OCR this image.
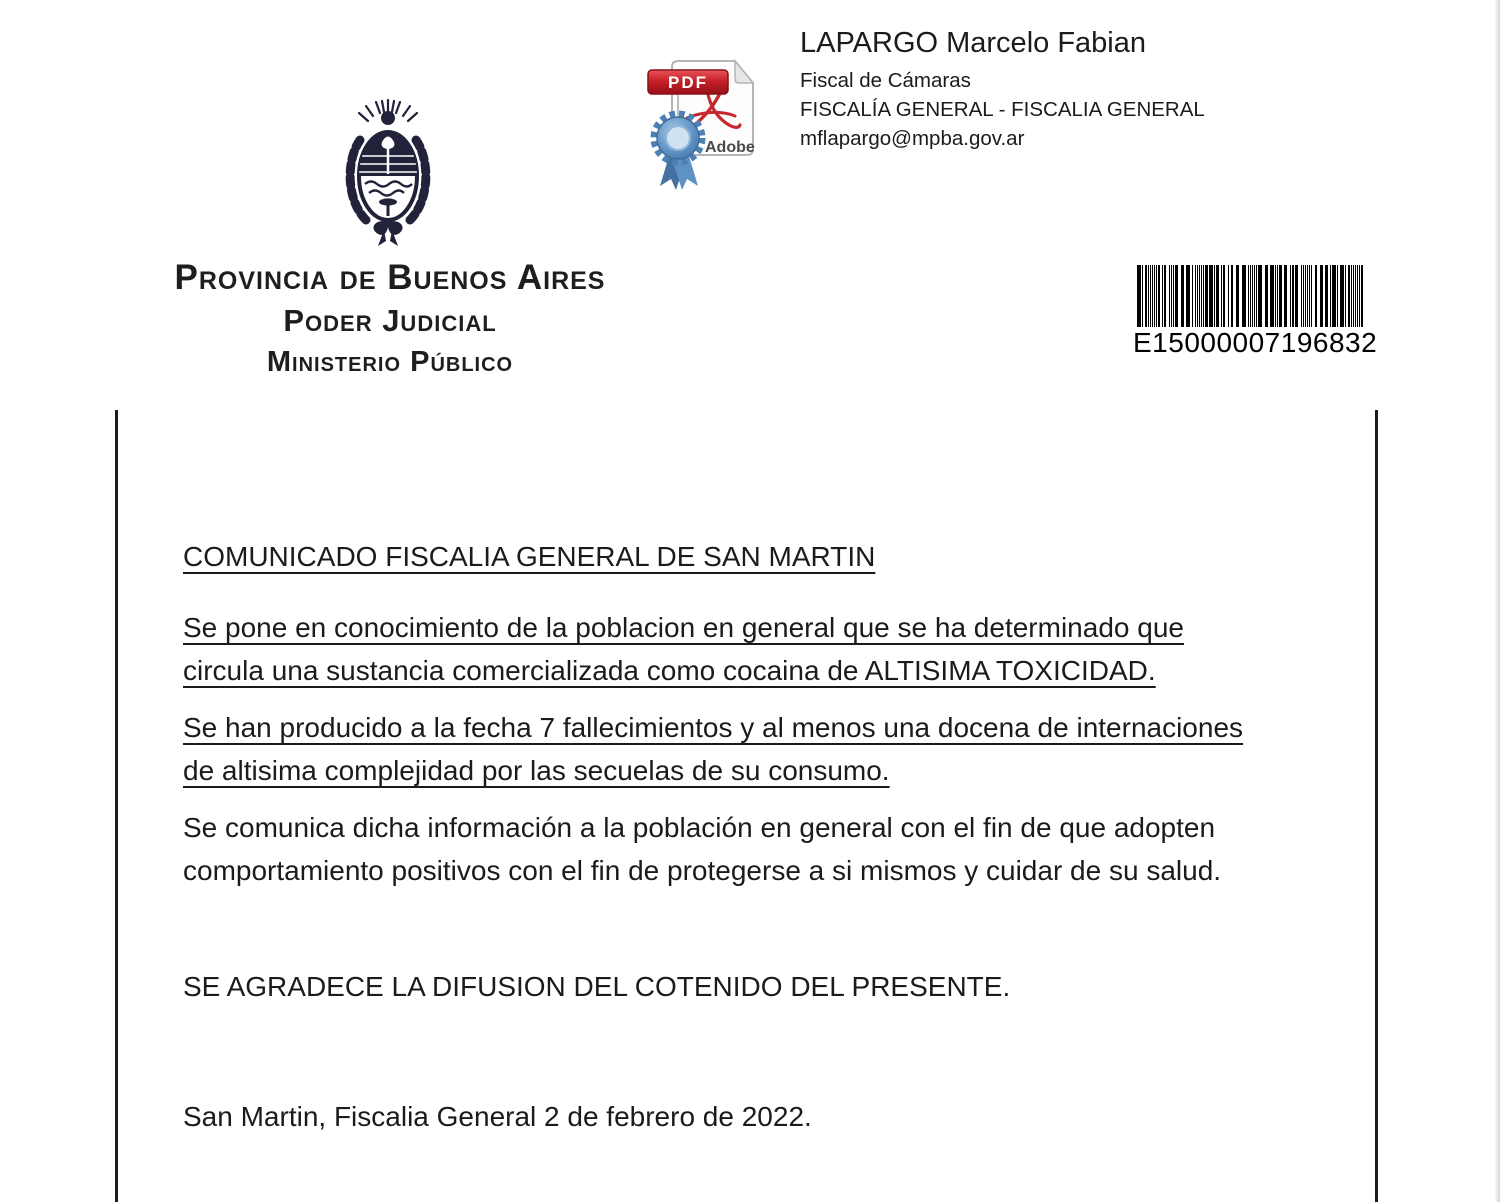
Provincia de Buenos Aires
Poder Judicial
Ministerio Público
PDF
Adobe
LAPARGO Marcelo Fabian
Fiscal de Cámaras
FISCALÍA GENERAL - FISCALIA GENERAL
mflapargo@mpba.gov.ar
E15000007196832

COMUNICADO FISCALIA GENERAL DE SAN MARTIN

Se pone en conocimiento de la poblacion en general que se ha determinado que
circula una sustancia comercializada como cocaina de ALTISIMA TOXICIDAD.

Se han producido a la fecha 7 fallecimientos y al menos una docena de internaciones
de altisima complejidad por las secuelas de su consumo.

Se comunica dicha información a la población en general con el fin de que adopten
comportamiento positivos con el fin de protegerse a si mismos y cuidar de su salud.

SE AGRADECE LA DIFUSION DEL COTENIDO DEL PRESENTE.

San Martin, Fiscalia General 2 de febrero de 2022.
